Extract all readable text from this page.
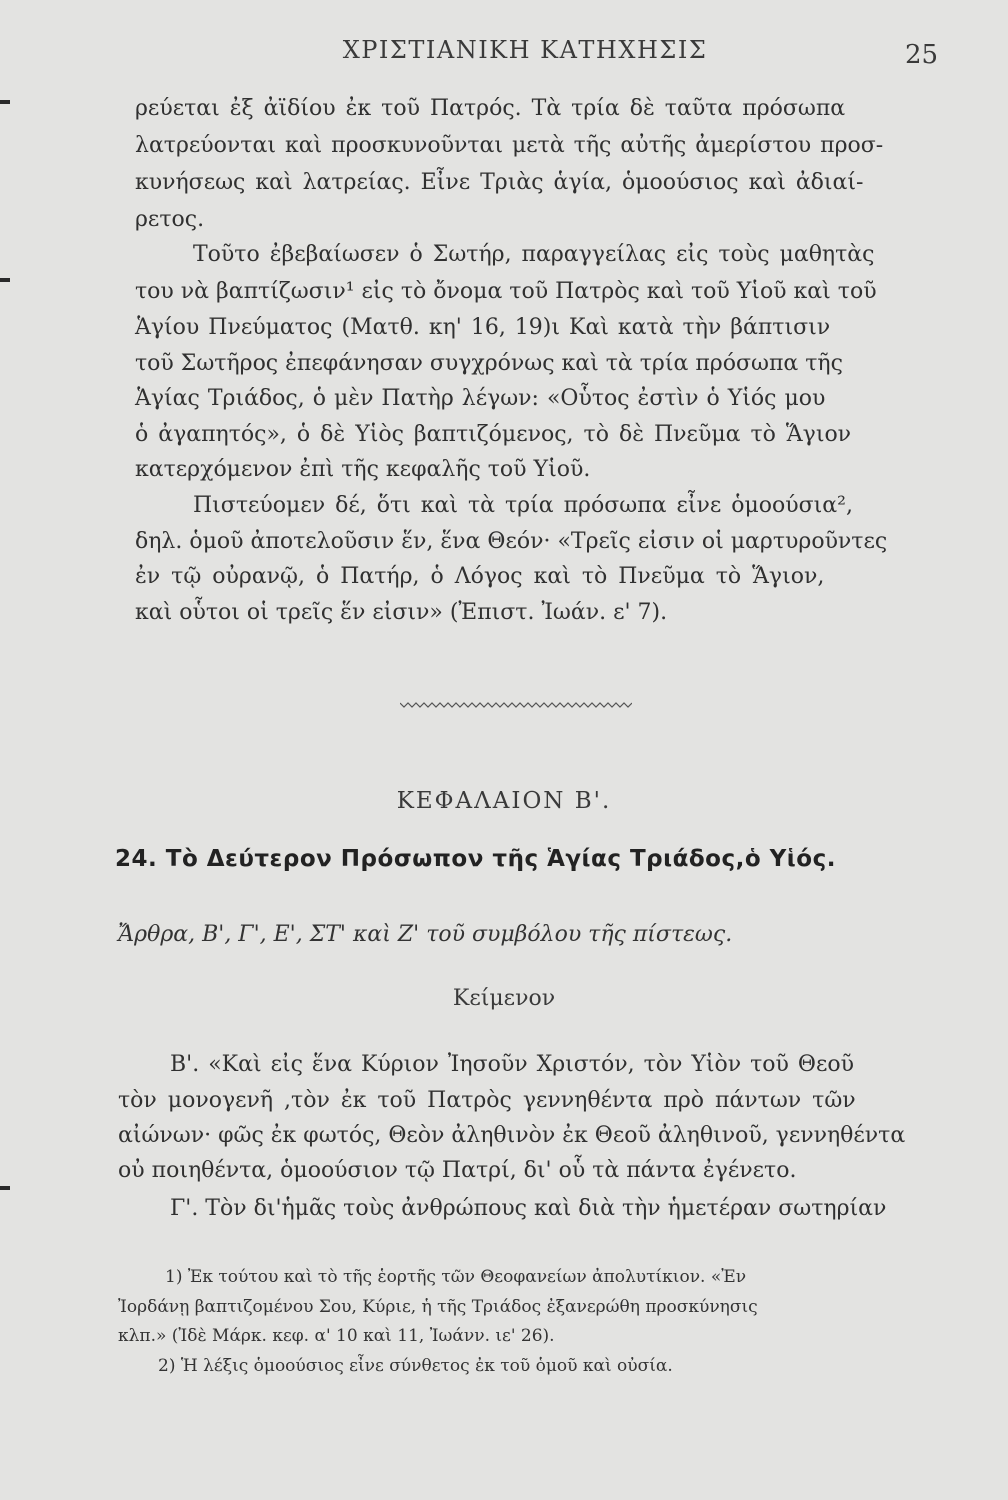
ΧΡΙΣΤΙΑΝΙΚΗ ΚΑΤΗΧΗΣΙΣ	25
ρεύεται ἐξ ἀϊδίου ἐκ τοῦ Πατρός. Τὰ τρία δὲ ταῦτα πρόσωπα
λατρεύονται καὶ προσκυνοῦνται μετὰ τῆς αὐτῆς ἀμερίστου προσ-
κυνήσεως καὶ λατρείας. Εἶνε Τριὰς ἁγία, ὁμοούσιος καὶ ἀδιαί-
ρετος.
Τοῦτο ἐβεβαίωσεν ὁ Σωτήρ, παραγγείλας εἰς τοὺς μαθητὰς
του νὰ βαπτίζωσιν¹ εἰς τὸ ὄνομα τοῦ Πατρὸς καὶ τοῦ Υἱοῦ καὶ τοῦ
Ἁγίου Πνεύματος (Ματθ. κη' 16, 19)ι Καὶ κατὰ τὴν βάπτισιν
τοῦ Σωτῆρος ἐπεφάνησαν συγχρόνως καὶ τὰ τρία πρόσωπα τῆς
Ἁγίας Τριάδος, ὁ μὲν Πατὴρ λέγων: «Οὗτος ἐστὶν ὁ Υἱός μου
ὁ ἀγαπητός», ὁ δὲ Υἱὸς βαπτιζόμενος, τὸ δὲ Πνεῦμα τὸ Ἅγιον
κατερχόμενον ἐπὶ τῆς κεφαλῆς τοῦ Υἱοῦ.
Πιστεύομεν δέ, ὅτι καὶ τὰ τρία πρόσωπα εἶνε ὁμοούσια²,
δηλ. ὁμοῦ ἀποτελοῦσιν ἕν, ἕνα Θεόν· «Τρεῖς εἰσιν οἱ μαρτυροῦντες
ἐν τῷ οὐρανῷ, ὁ Πατήρ, ὁ Λόγος καὶ τὸ Πνεῦμα τὸ Ἅγιον,
καὶ οὗτοι οἱ τρεῖς ἕν εἰσιν» (Ἐπιστ. Ἰωάν. ε' 7).
ΚΕΦΑΛΑΙΟΝ Β'.
24. Τὸ Δεύτερον Πρόσωπον τῆς Ἁγίας Τριάδος,ὁ Υἱός.
Ἄρθρα, Β', Γ', Ε', ΣΤ' καὶ Ζ' τοῦ συμβόλου τῆς πίστεως.
Κείμενον
Β'. «Καὶ εἰς ἕνα Κύριον Ἰησοῦν Χριστόν, τὸν Υἱὸν τοῦ Θεοῦ
τὸν μονογενῆ ,τὸν ἐκ τοῦ Πατρὸς γεννηθέντα πρὸ πάντων τῶν
αἰώνων· φῶς ἐκ φωτός, Θεὸν ἀληθινὸν ἐκ Θεοῦ ἀληθινοῦ, γεννηθέντα
οὐ ποιηθέντα, ὁμοούσιον τῷ Πατρί, δι' οὗ τὰ πάντα ἐγένετο.
Γ'. Τὸν δι'ἡμᾶς τοὺς ἀνθρώπους καὶ διὰ τὴν ἡμετέραν σωτηρίαν
1) Ἐκ τούτου καὶ τὸ τῆς ἑορτῆς τῶν Θεοφανείων ἀπολυτίκιον. «Ἐν
Ἰορδάνῃ βαπτιζομένου Σου, Κύριε, ἡ τῆς Τριάδος ἐξανερώθη προσκύνησις
κλπ.» (Ἰδὲ Μάρκ. κεφ. α' 10 καὶ 11, Ἰωάνν. ιε' 26).
2) Ἡ λέξις ὁμοούσιος εἶνε σύνθετος ἐκ τοῦ ὁμοῦ καὶ οὐσία.
